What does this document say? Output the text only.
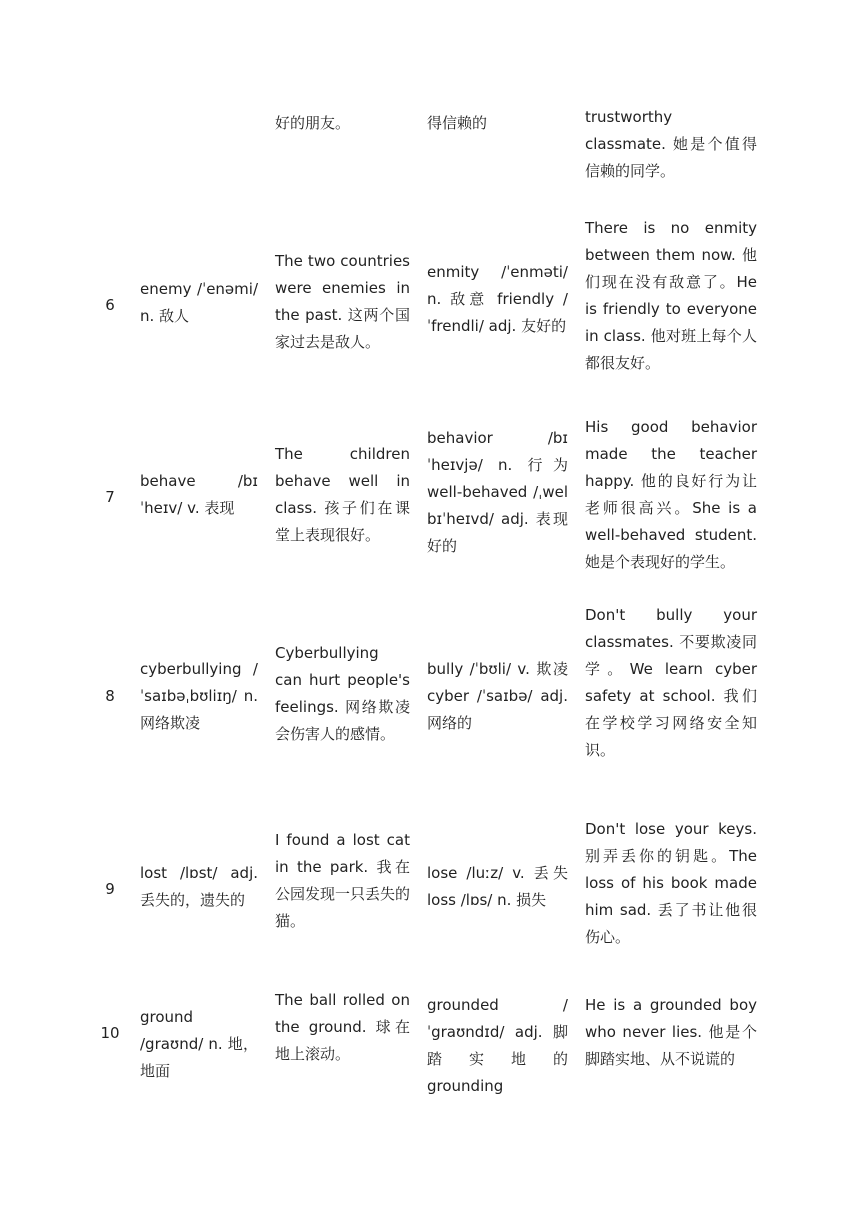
好的朋友。	得信赖的	trustworthy classmate. 她是个值得信赖的同学。
6
enemy /ˈenəmi/ n. 敌人
The two countries were enemies in the past. 这两个国家过去是敌人。
enmity /ˈenməti/ n. 敌意 friendly /ˈfrendli/ adj. 友好的
There is no enmity between them now. 他们现在没有敌意了。He is friendly to everyone in class. 他对班上每个人都很友好。
7
behave /bɪˈheɪv/ v. 表现
The children behave well in class. 孩子们在课堂上表现很好。
behavior /bɪˈheɪvjə/ n. 行为 well-behaved /ˌwel bɪˈheɪvd/ adj. 表现好的
His good behavior made the teacher happy. 他的良好行为让老师很高兴。She is a well-behaved student. 她是个表现好的学生。
8
cyberbullying /ˈsaɪbəˌbʊliɪŋ/ n. 网络欺凌
Cyberbullying can hurt people's feelings. 网络欺凌会伤害人的感情。
bully /ˈbʊli/ v. 欺凌 cyber /ˈsaɪbə/ adj. 网络的
Don't bully your classmates. 不要欺凌同学。We learn cyber safety at school. 我们在学校学习网络安全知识。
9
lost /lɒst/ adj. 丢失的，遗失的
I found a lost cat in the park. 我在公园发现一只丢失的猫。
lose /luːz/ v. 丢失 loss /lɒs/ n. 损失
Don't lose your keys. 别弄丢你的钥匙。The loss of his book made him sad. 丢了书让他很伤心。
10
ground /graʊnd/ n. 地，地面
The ball rolled on the ground. 球在地上滚动。
grounded /ˈgraʊndɪd/ adj. 脚踏实地的 grounding
He is a grounded boy who never lies. 他是个脚踏实地、从不说谎的
